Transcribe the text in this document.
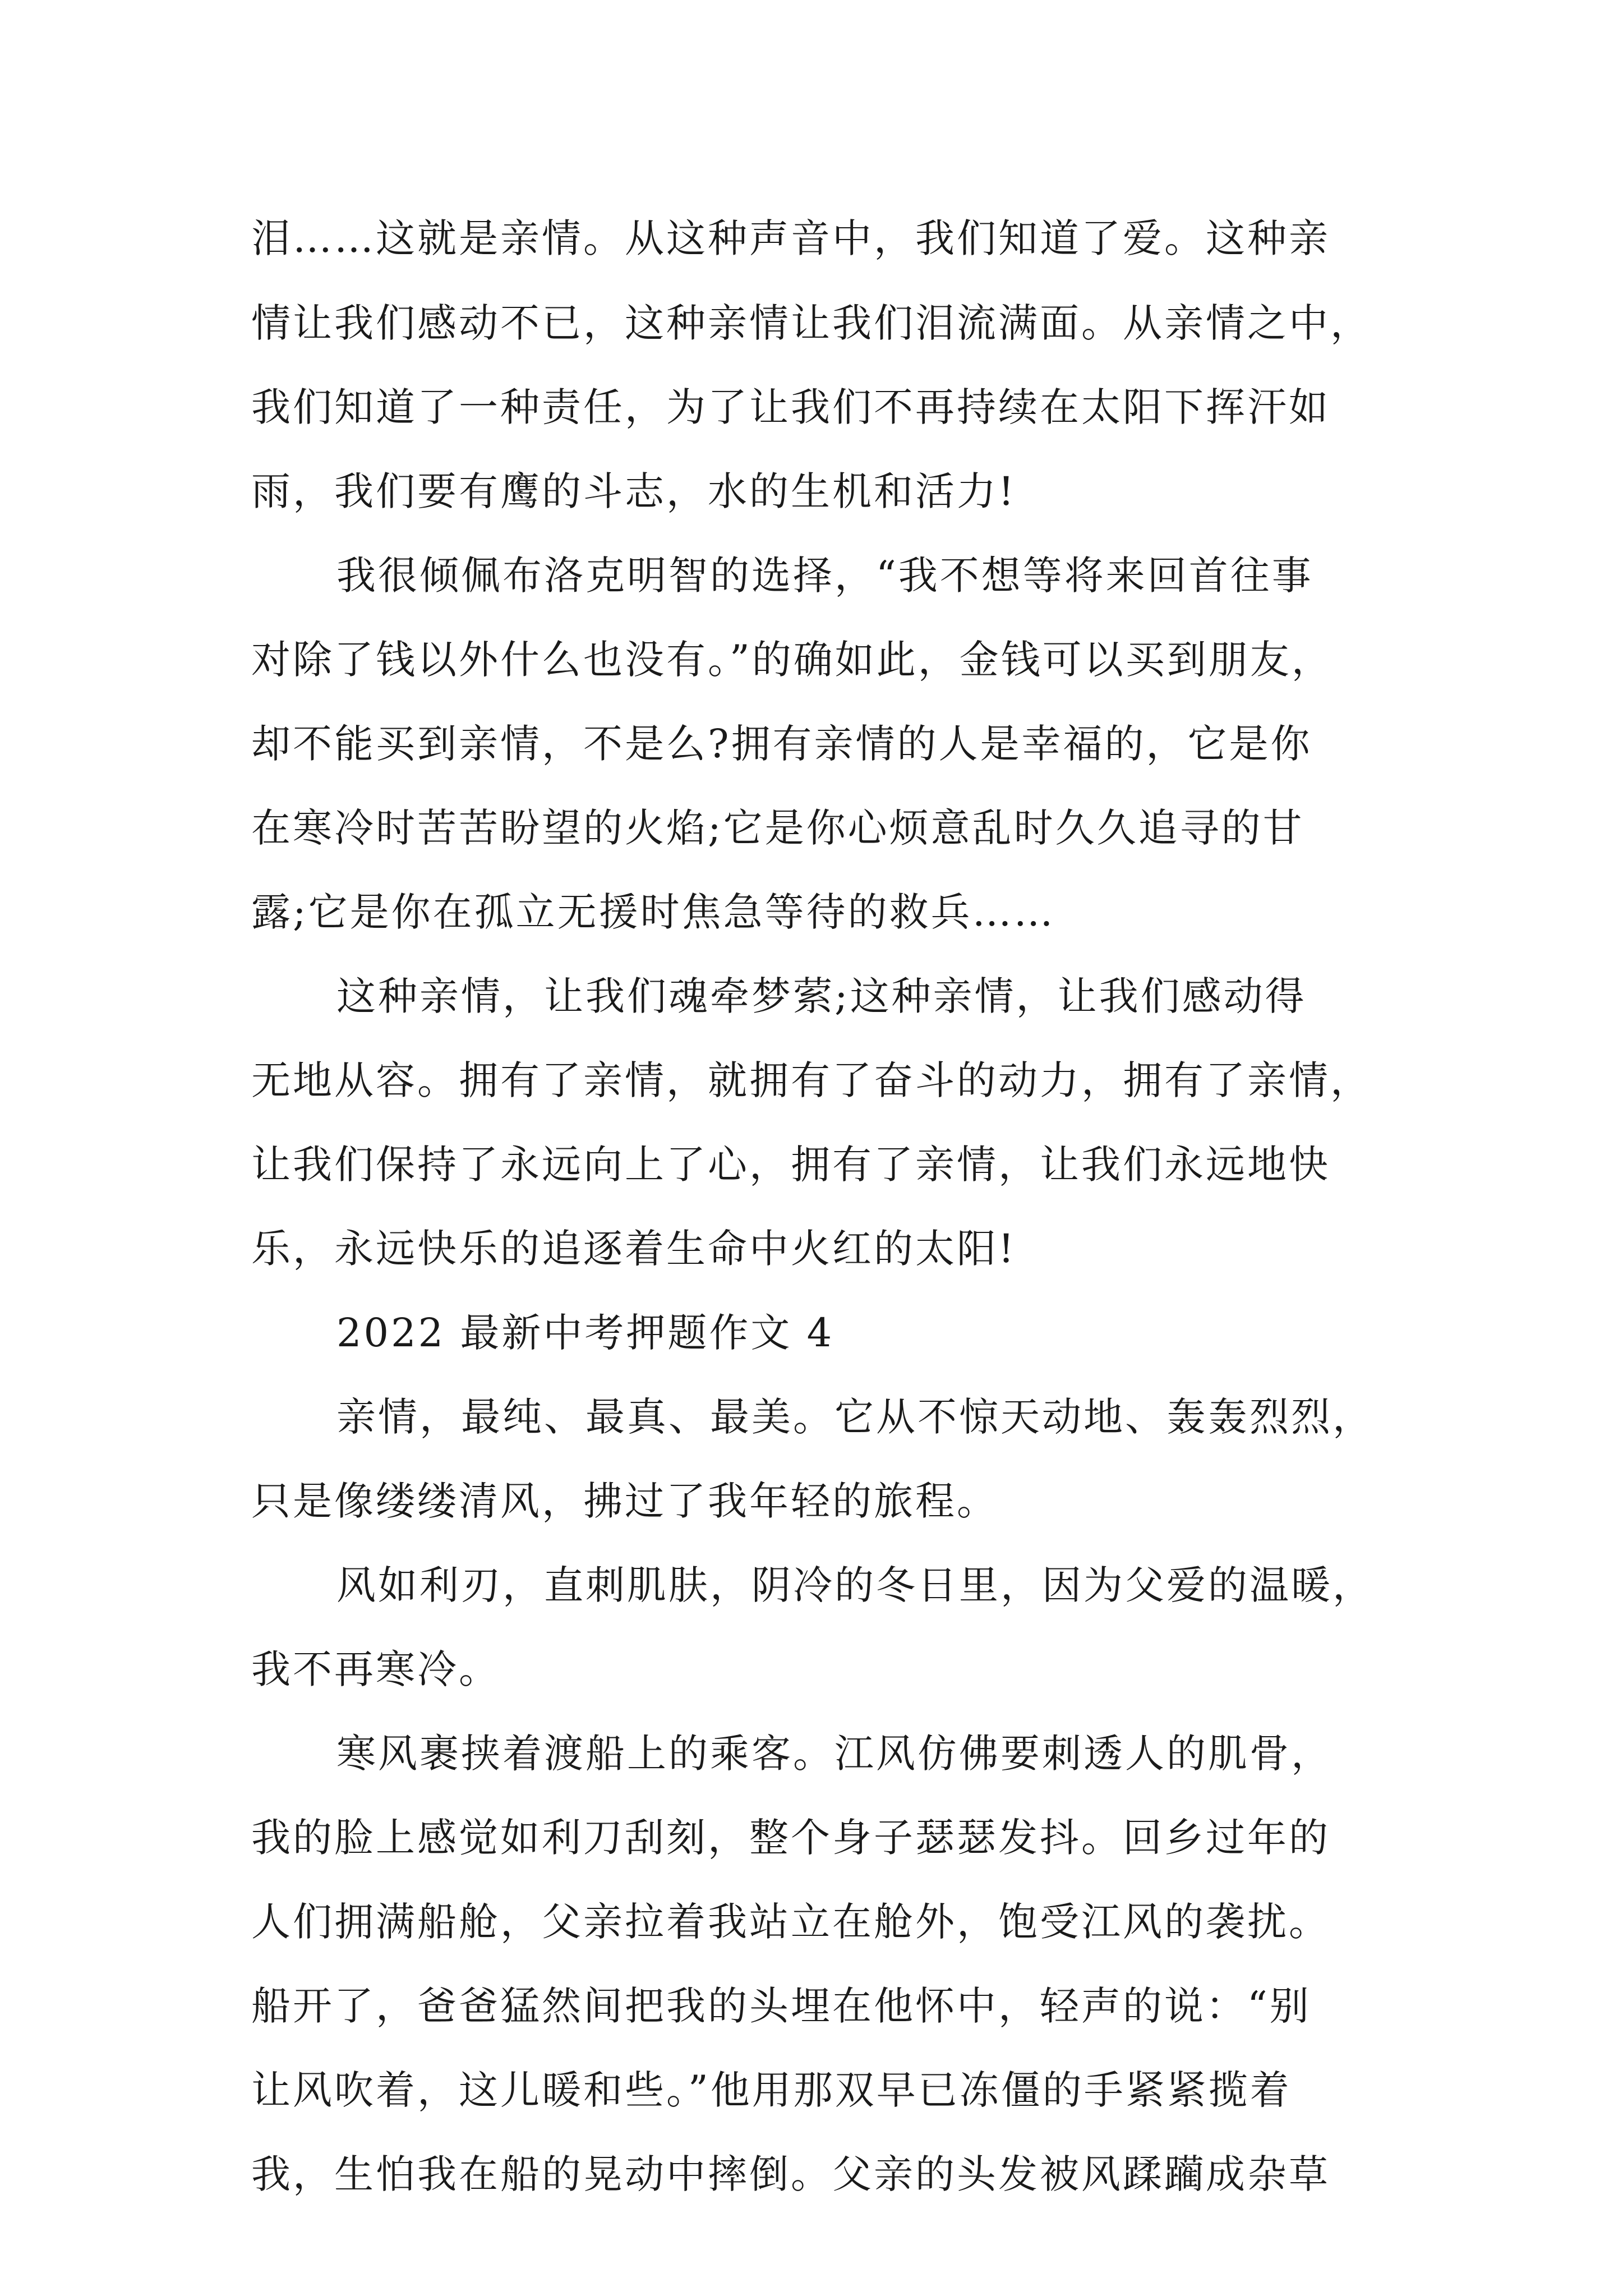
泪……这就是亲情。从这种声音中，我们知道了爱。这种亲
情让我们感动不已，这种亲情让我们泪流满面。从亲情之中，
我们知道了一种责任，为了让我们不再持续在太阳下挥汗如
雨，我们要有鹰的斗志，水的生机和活力!
我很倾佩布洛克明智的选择，“我不想等将来回首往事
对除了钱以外什么也没有。”的确如此，金钱可以买到朋友，
却不能买到亲情，不是么?拥有亲情的人是幸福的，它是你
在寒冷时苦苦盼望的火焰;它是你心烦意乱时久久追寻的甘
露;它是你在孤立无援时焦急等待的救兵……
这种亲情，让我们魂牵梦萦;这种亲情，让我们感动得
无地从容。拥有了亲情，就拥有了奋斗的动力，拥有了亲情，
让我们保持了永远向上了心，拥有了亲情，让我们永远地快
乐，永远快乐的追逐着生命中火红的太阳!
2022 最新中考押题作文 4
亲情，最纯、最真、最美。它从不惊天动地、轰轰烈烈，
只是像缕缕清风，拂过了我年轻的旅程。
风如利刃，直刺肌肤，阴冷的冬日里，因为父爱的温暖，
我不再寒冷。
寒风裹挟着渡船上的乘客。江风仿佛要刺透人的肌骨，
我的脸上感觉如利刀刮刻，整个身子瑟瑟发抖。回乡过年的
人们拥满船舱，父亲拉着我站立在舱外，饱受江风的袭扰。
船开了，爸爸猛然间把我的头埋在他怀中，轻声的说：“别
让风吹着，这儿暖和些。”他用那双早已冻僵的手紧紧揽着
我，生怕我在船的晃动中摔倒。父亲的头发被风蹂躏成杂草
